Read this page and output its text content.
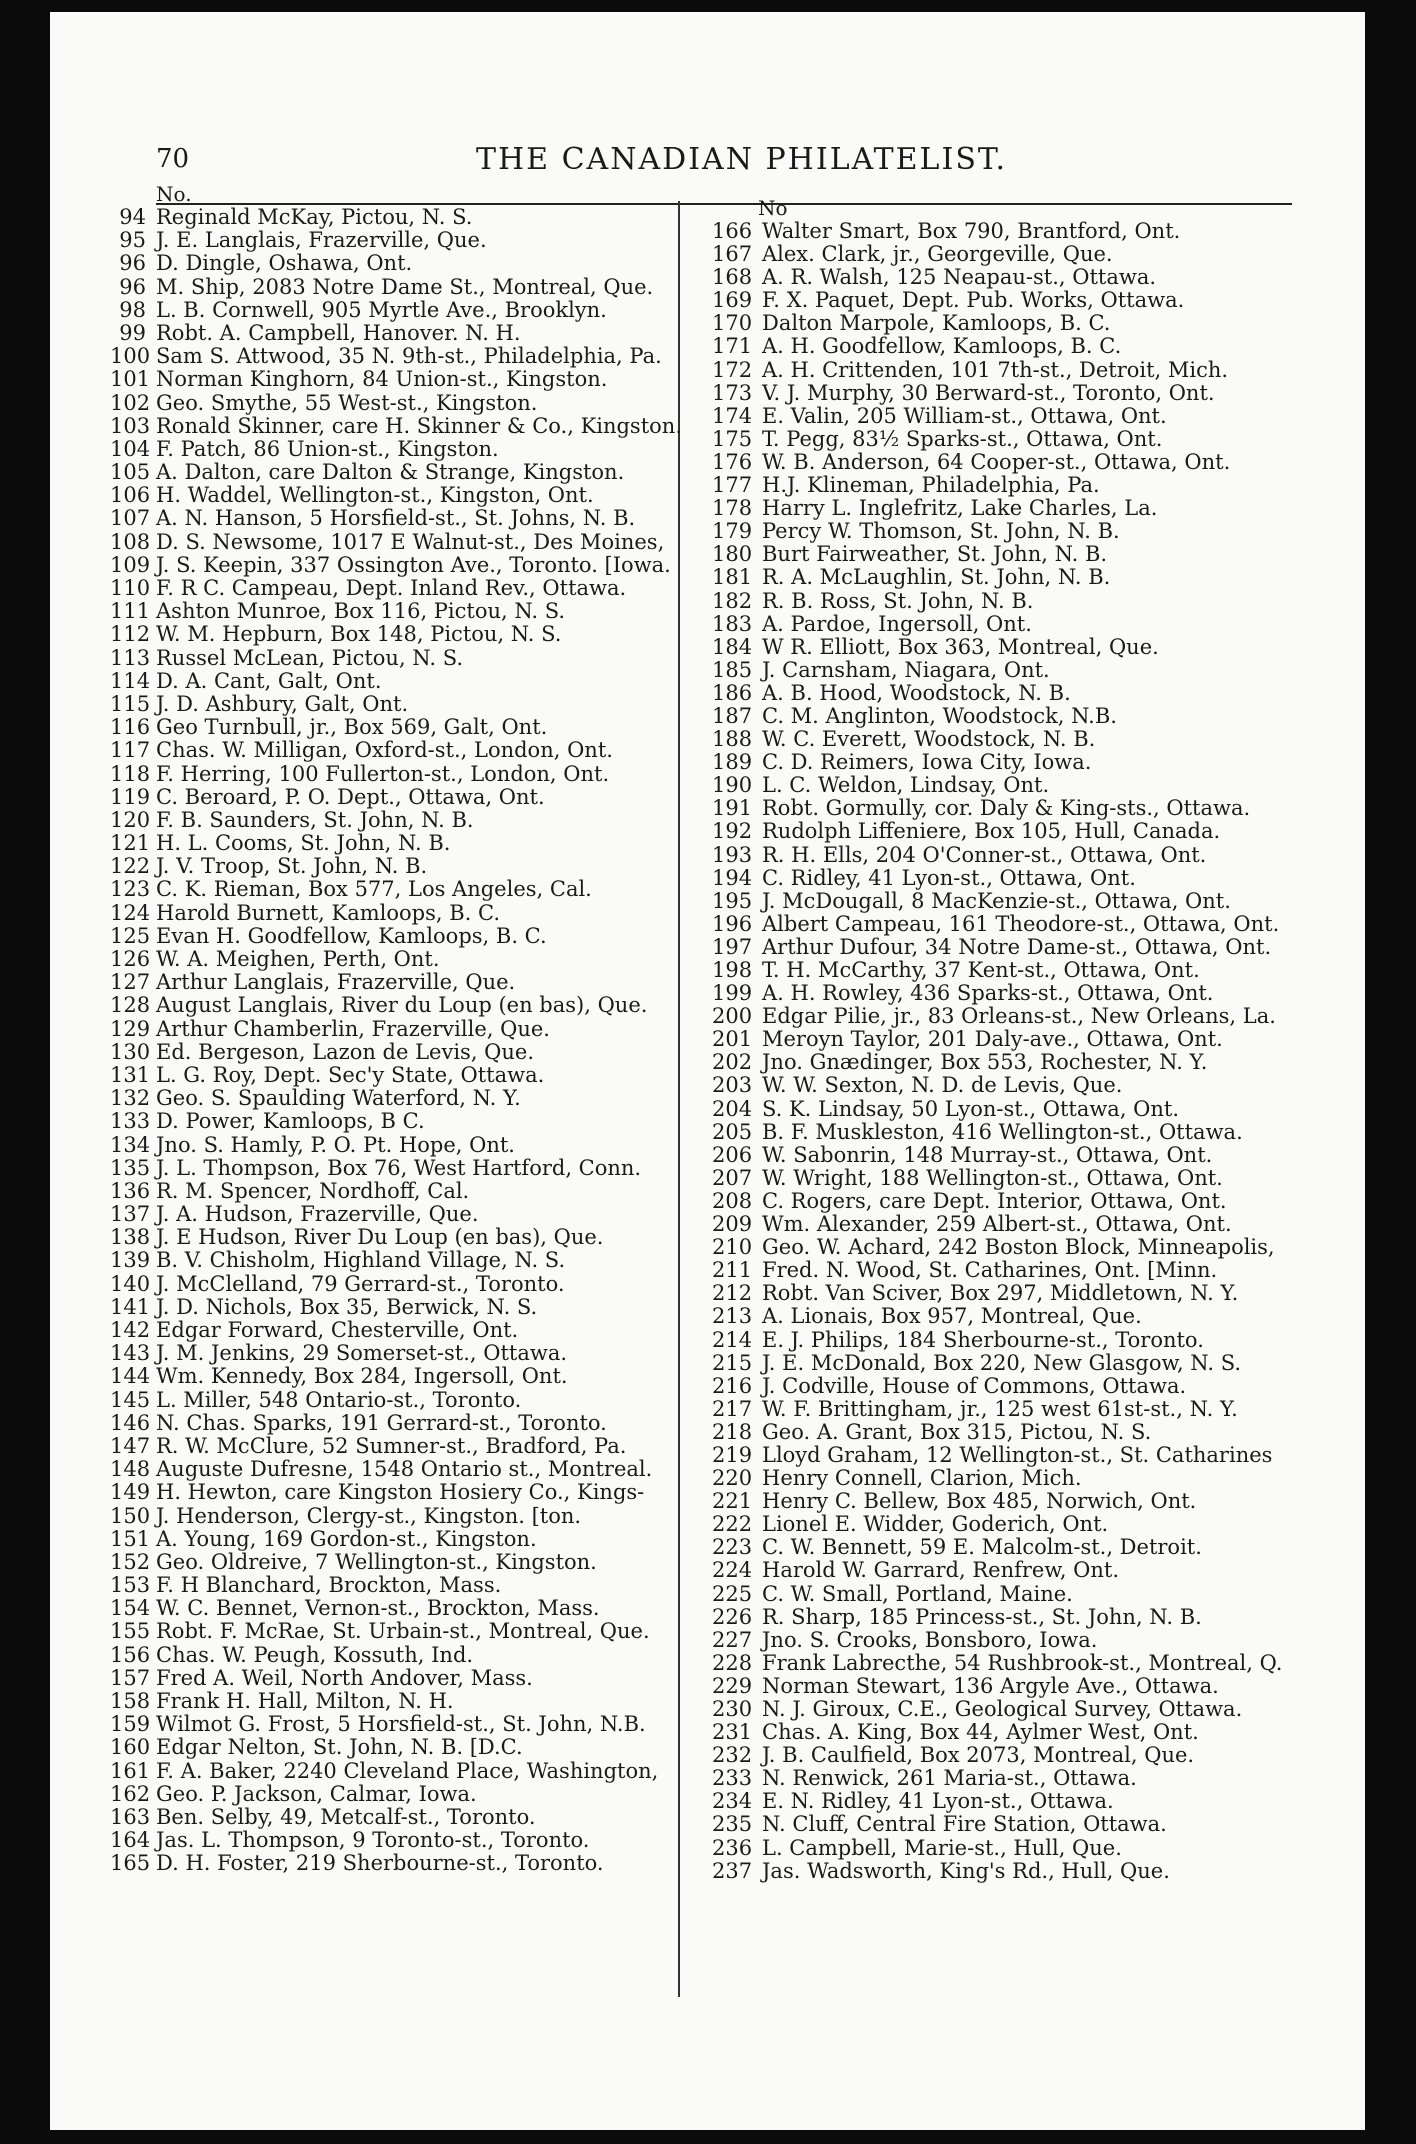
70	THE CANADIAN PHILATELIST.
No.
94 Reginald McKay, Pictou, N. S.
95 J. E. Langlais, Frazerville, Que.
96 D. Dingle, Oshawa, Ont.
96 M. Ship, 2083 Notre Dame St., Montreal, Que.
98 L. B. Cornwell, 905 Myrtle Ave., Brooklyn.
99 Robt. A. Campbell, Hanover. N. H.
100 Sam S. Attwood, 35 N. 9th-st., Philadelphia, Pa.
101 Norman Kinghorn, 84 Union-st., Kingston.
102 Geo. Smythe, 55 West-st., Kingston.
103 Ronald Skinner, care H. Skinner & Co., Kingston.
104 F. Patch, 86 Union-st., Kingston.
105 A. Dalton, care Dalton & Strange, Kingston.
106 H. Waddel, Wellington-st., Kingston, Ont.
107 A. N. Hanson, 5 Horsfield-st., St. Johns, N. B.
108 D. S. Newsome, 1017 E Walnut-st., Des Moines,
109 J. S. Keepin, 337 Ossington Ave., Toronto. [Iowa.
110 F. R C. Campeau, Dept. Inland Rev., Ottawa.
111 Ashton Munroe, Box 116, Pictou, N. S.
112 W. M. Hepburn, Box 148, Pictou, N. S.
113 Russel McLean, Pictou, N. S.
114 D. A. Cant, Galt, Ont.
115 J. D. Ashbury, Galt, Ont.
116 Geo Turnbull, jr., Box 569, Galt, Ont.
117 Chas. W. Milligan, Oxford-st., London, Ont.
118 F. Herring, 100 Fullerton-st., London, Ont.
119 C. Beroard, P. O. Dept., Ottawa, Ont.
120 F. B. Saunders, St. John, N. B.
121 H. L. Cooms, St. John, N. B.
122 J. V. Troop, St. John, N. B.
123 C. K. Rieman, Box 577, Los Angeles, Cal.
124 Harold Burnett, Kamloops, B. C.
125 Evan H. Goodfellow, Kamloops, B. C.
126 W. A. Meighen, Perth, Ont.
127 Arthur Langlais, Frazerville, Que.
128 August Langlais, River du Loup (en bas), Que.
129 Arthur Chamberlin, Frazerville, Que.
130 Ed. Bergeson, Lazon de Levis, Que.
131 L. G. Roy, Dept. Sec'y State, Ottawa.
132 Geo. S. Spaulding Waterford, N. Y.
133 D. Power, Kamloops, B C.
134 Jno. S. Hamly, P. O. Pt. Hope, Ont.
135 J. L. Thompson, Box 76, West Hartford, Conn.
136 R. M. Spencer, Nordhoff, Cal.
137 J. A. Hudson, Frazerville, Que.
138 J. E Hudson, River Du Loup (en bas), Que.
139 B. V. Chisholm, Highland Village, N. S.
140 J. McClelland, 79 Gerrard-st., Toronto.
141 J. D. Nichols, Box 35, Berwick, N. S.
142 Edgar Forward, Chesterville, Ont.
143 J. M. Jenkins, 29 Somerset-st., Ottawa.
144 Wm. Kennedy, Box 284, Ingersoll, Ont.
145 L. Miller, 548 Ontario-st., Toronto.
146 N. Chas. Sparks, 191 Gerrard-st., Toronto.
147 R. W. McClure, 52 Sumner-st., Bradford, Pa.
148 Auguste Dufresne, 1548 Ontario st., Montreal.
149 H. Hewton, care Kingston Hosiery Co., Kings-
150 J. Henderson, Clergy-st., Kingston. [ton.
151 A. Young, 169 Gordon-st., Kingston.
152 Geo. Oldreive, 7 Wellington-st., Kingston.
153 F. H Blanchard, Brockton, Mass.
154 W. C. Bennet, Vernon-st., Brockton, Mass.
155 Robt. F. McRae, St. Urbain-st., Montreal, Que.
156 Chas. W. Peugh, Kossuth, Ind.
157 Fred A. Weil, North Andover, Mass.
158 Frank H. Hall, Milton, N. H.
159 Wilmot G. Frost, 5 Horsfield-st., St. John, N.B.
160 Edgar Nelton, St. John, N. B. [D.C.
161 F. A. Baker, 2240 Cleveland Place, Washington,
162 Geo. P. Jackson, Calmar, Iowa.
163 Ben. Selby, 49, Metcalf-st., Toronto.
164 Jas. L. Thompson, 9 Toronto-st., Toronto.
165 D. H. Foster, 219 Sherbourne-st., Toronto.
No
166 Walter Smart, Box 790, Brantford, Ont.
167 Alex. Clark, jr., Georgeville, Que.
168 A. R. Walsh, 125 Neapau-st., Ottawa.
169 F. X. Paquet, Dept. Pub. Works, Ottawa.
170 Dalton Marpole, Kamloops, B. C.
171 A. H. Goodfellow, Kamloops, B. C.
172 A. H. Crittenden, 101 7th-st., Detroit, Mich.
173 V. J. Murphy, 30 Berward-st., Toronto, Ont.
174 E. Valin, 205 William-st., Ottawa, Ont.
175 T. Pegg, 83½ Sparks-st., Ottawa, Ont.
176 W. B. Anderson, 64 Cooper-st., Ottawa, Ont.
177 H.J. Klineman, Philadelphia, Pa.
178 Harry L. Inglefritz, Lake Charles, La.
179 Percy W. Thomson, St. John, N. B.
180 Burt Fairweather, St. John, N. B.
181 R. A. McLaughlin, St. John, N. B.
182 R. B. Ross, St. John, N. B.
183 A. Pardoe, Ingersoll, Ont.
184 W R. Elliott, Box 363, Montreal, Que.
185 J. Carnsham, Niagara, Ont.
186 A. B. Hood, Woodstock, N. B.
187 C. M. Anglinton, Woodstock, N.B.
188 W. C. Everett, Woodstock, N. B.
189 C. D. Reimers, Iowa City, Iowa.
190 L. C. Weldon, Lindsay, Ont.
191 Robt. Gormully, cor. Daly & King-sts., Ottawa.
192 Rudolph Liffeniere, Box 105, Hull, Canada.
193 R. H. Ells, 204 O'Conner-st., Ottawa, Ont.
194 C. Ridley, 41 Lyon-st., Ottawa, Ont.
195 J. McDougall, 8 MacKenzie-st., Ottawa, Ont.
196 Albert Campeau, 161 Theodore-st., Ottawa, Ont.
197 Arthur Dufour, 34 Notre Dame-st., Ottawa, Ont.
198 T. H. McCarthy, 37 Kent-st., Ottawa, Ont.
199 A. H. Rowley, 436 Sparks-st., Ottawa, Ont.
200 Edgar Pilie, jr., 83 Orleans-st., New Orleans, La.
201 Meroyn Taylor, 201 Daly-ave., Ottawa, Ont.
202 Jno. Gnædinger, Box 553, Rochester, N. Y.
203 W. W. Sexton, N. D. de Levis, Que.
204 S. K. Lindsay, 50 Lyon-st., Ottawa, Ont.
205 B. F. Muskleston, 416 Wellington-st., Ottawa.
206 W. Sabonrin, 148 Murray-st., Ottawa, Ont.
207 W. Wright, 188 Wellington-st., Ottawa, Ont.
208 C. Rogers, care Dept. Interior, Ottawa, Ont.
209 Wm. Alexander, 259 Albert-st., Ottawa, Ont.
210 Geo. W. Achard, 242 Boston Block, Minneapolis,
211 Fred. N. Wood, St. Catharines, Ont. [Minn.
212 Robt. Van Sciver, Box 297, Middletown, N. Y.
213 A. Lionais, Box 957, Montreal, Que.
214 E. J. Philips, 184 Sherbourne-st., Toronto.
215 J. E. McDonald, Box 220, New Glasgow, N. S.
216 J. Codville, House of Commons, Ottawa.
217 W. F. Brittingham, jr., 125 west 61st-st., N. Y.
218 Geo. A. Grant, Box 315, Pictou, N. S.
219 Lloyd Graham, 12 Wellington-st., St. Catharines
220 Henry Connell, Clarion, Mich.
221 Henry C. Bellew, Box 485, Norwich, Ont.
222 Lionel E. Widder, Goderich, Ont.
223 C. W. Bennett, 59 E. Malcolm-st., Detroit.
224 Harold W. Garrard, Renfrew, Ont.
225 C. W. Small, Portland, Maine.
226 R. Sharp, 185 Princess-st., St. John, N. B.
227 Jno. S. Crooks, Bonsboro, Iowa.
228 Frank Labrecthe, 54 Rushbrook-st., Montreal, Q.
229 Norman Stewart, 136 Argyle Ave., Ottawa.
230 N. J. Giroux, C.E., Geological Survey, Ottawa.
231 Chas. A. King, Box 44, Aylmer West, Ont.
232 J. B. Caulfield, Box 2073, Montreal, Que.
233 N. Renwick, 261 Maria-st., Ottawa.
234 E. N. Ridley, 41 Lyon-st., Ottawa.
235 N. Cluff, Central Fire Station, Ottawa.
236 L. Campbell, Marie-st., Hull, Que.
237 Jas. Wadsworth, King's Rd., Hull, Que.
